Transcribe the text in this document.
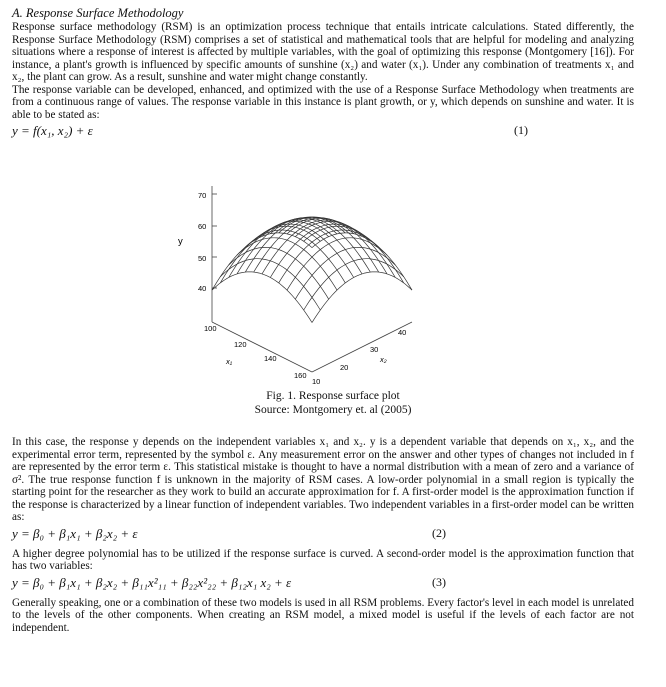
A. Response Surface Methodology

Response surface methodology (RSM) is an optimization process technique that entails intricate calculations. Stated differently, the Response Surface Methodology (RSM) comprises a set of statistical and mathematical tools that are helpful for modeling and analyzing situations where a response of interest is affected by multiple variables, with the goal of optimizing this response (Montgomery [16]). For instance, a plant's growth is influenced by specific amounts of sunshine (x₂) and water (x₁). Under any combination of treatments x₁ and x₂, the plant can grow. As a result, sunshine and water might change constantly.

The response variable can be developed, enhanced, and optimized with the use of a Response Surface Methodology when treatments are from a continuous range of values. The response variable in this instance is plant growth, or y, which depends on sunshine and water. It is able to be stated as:

y = f(x₁, x₂) + ε	(1)
y
70
60
50
40
100
120
140
160
x₁
10
20
30
40
x₂
Fig. 1. Response surface plot
Source: Montgomery et. al (2005)

In this case, the response y depends on the independent variables x₁ and x₂. y is a dependent variable that depends on x₁, x₂, and the experimental error term, represented by the symbol ε. Any measurement error on the answer and other types of changes not included in f are represented by the error term ε. This statistical mistake is thought to have a normal distribution with a mean of zero and a variance of σ². The true response function f is unknown in the majority of RSM cases. A low-order polynomial in a small region is typically the starting point for the researcher as they work to build an accurate approximation for f. A first-order model is the approximation function if the response is characterized by a linear function of independent variables. Two independent variables in a first-order model can be written as:

y = β₀ + β₁x₁ + β₂x₂ + ε	(2)

A higher degree polynomial has to be utilized if the response surface is curved. A second-order model is the approximation function that has two variables:

y = β₀ + β₁x₁ + β₂x₂ + β₁₁x²₁₁ + β₂₂x²₂₂ + β₁₂x₁ x₂ + ε	(3)

Generally speaking, one or a combination of these two models is used in all RSM problems. Every factor's level in each model is unrelated to the levels of the other components. When creating an RSM model, a mixed model is useful if the levels of each factor are not independent.
